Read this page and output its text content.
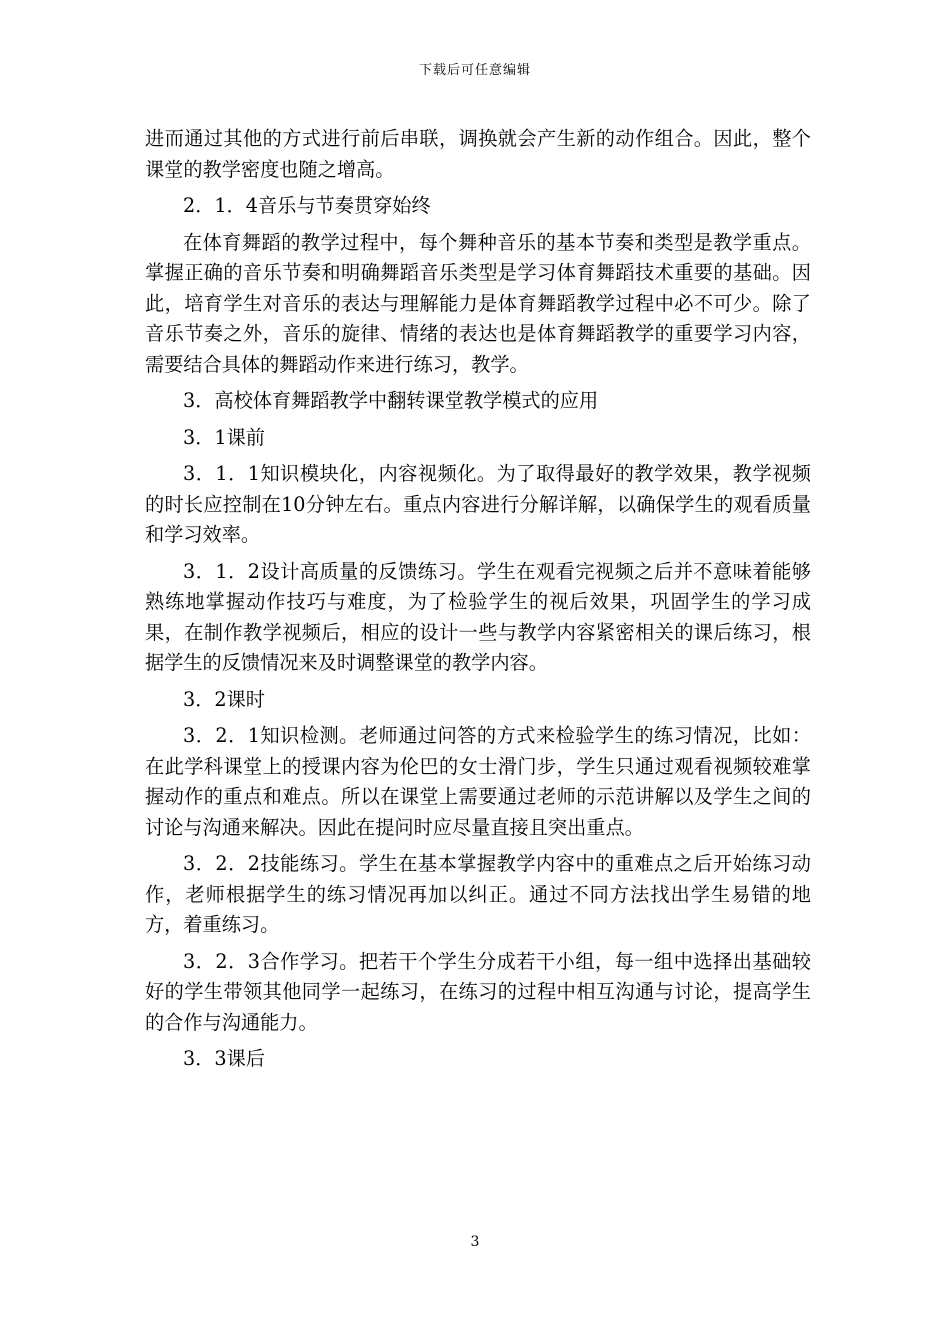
下载后可任意编辑

进而通过其他的方式进行前后串联，调换就会产生新的动作组合。因此，整个课堂的教学密度也随之增高。

2．1．4音乐与节奏贯穿始终

在体育舞蹈的教学过程中，每个舞种音乐的基本节奏和类型是教学重点。掌握正确的音乐节奏和明确舞蹈音乐类型是学习体育舞蹈技术重要的基础。因此，培育学生对音乐的表达与理解能力是体育舞蹈教学过程中必不可少。除了音乐节奏之外，音乐的旋律、情绪的表达也是体育舞蹈教学的重要学习内容，需要结合具体的舞蹈动作来进行练习，教学。

3．高校体育舞蹈教学中翻转课堂教学模式的应用

3．1课前

3．1．1知识模块化，内容视频化。为了取得最好的教学效果，教学视频的时长应控制在10分钟左右。重点内容进行分解详解，以确保学生的观看质量和学习效率。

3．1．2设计高质量的反馈练习。学生在观看完视频之后并不意味着能够熟练地掌握动作技巧与难度，为了检验学生的视后效果，巩固学生的学习成果，在制作教学视频后，相应的设计一些与教学内容紧密相关的课后练习，根据学生的反馈情况来及时调整课堂的教学内容。

3．2课时

3．2．1知识检测。老师通过问答的方式来检验学生的练习情况，比如：在此学科课堂上的授课内容为伦巴的女士滑门步，学生只通过观看视频较难掌握动作的重点和难点。所以在课堂上需要通过老师的示范讲解以及学生之间的讨论与沟通来解决。因此在提问时应尽量直接且突出重点。

3．2．2技能练习。学生在基本掌握教学内容中的重难点之后开始练习动作，老师根据学生的练习情况再加以纠正。通过不同方法找出学生易错的地方，着重练习。

3．2．3合作学习。把若干个学生分成若干小组，每一组中选择出基础较好的学生带领其他同学一起练习，在练习的过程中相互沟通与讨论，提高学生的合作与沟通能力。

3．3课后

3
